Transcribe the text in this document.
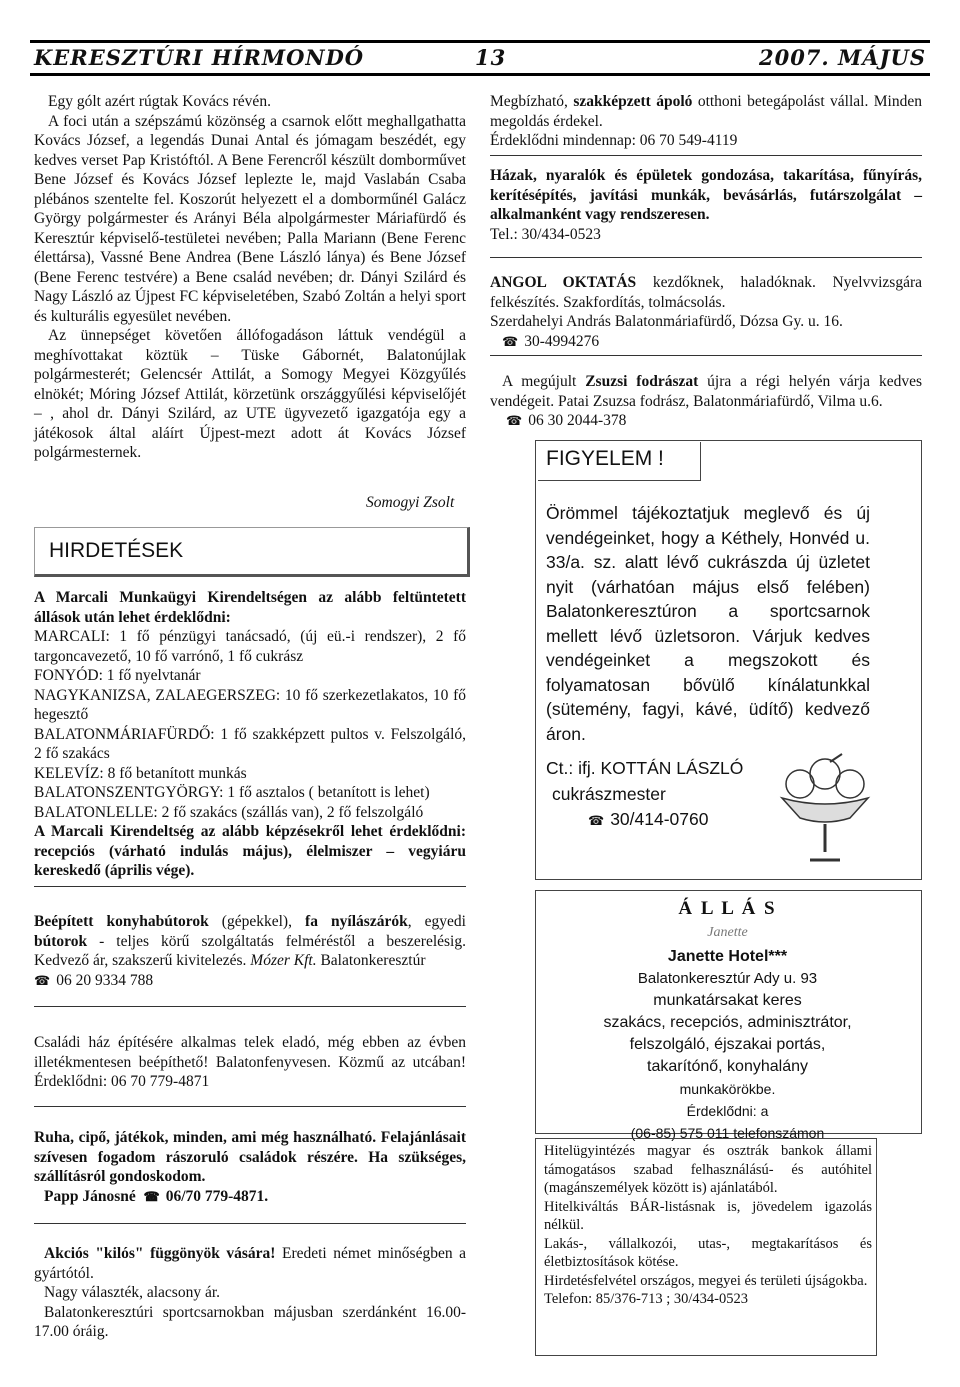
KERESZTÚRI HÍRMONDÓ	13	2007. MÁJUS

Egy gólt azért rúgtak Kovács révén.

A foci után a szépszámú közönség a csarnok előtt meghallgathatta Kovács József, a legendás Dunai Antal és jómagam beszédét, egy kedves verset Pap Kristóftól. A Bene Ferencről készült domborművet Bene József és Kovács József leplezte le, majd Vaslabán Csaba plébános szentelte fel. Koszorút helyezett el a domborműnél Galácz György polgármester és Arányi Béla alpolgármester Máriafürdő és Keresztúr képviselő-testületei nevében; Palla Mariann (Bene Ferenc élettársa), Vassné Bene Andrea (Bene László lánya) és Bene József (Bene Ferenc testvére) a Bene család nevében; dr. Dányi Szilárd és Nagy László az Újpest FC képviseletében, Szabó Zoltán a helyi sport és kulturális egyesület nevében.

Az ünnepséget követően állófogadáson láttuk vendégül a meghívottakat köztük – Tüske Gábornét, Balatonújlak polgármesterét; Gelencsér Attilát, a Somogy Megyei Közgyűlés elnökét; Móring József Attilát, körzetünk országgyűlési képviselőjét – , ahol dr. Dányi Szilárd, az UTE ügyvezető igazgatója egy a játékosok által aláírt Újpest-mezt adott át Kovács József polgármesternek.

Somogyi Zsolt
HIRDETÉSEK

A Marcali Munkaügyi Kirendeltségen az alább feltüntetett állások után lehet érdeklődni:

MARCALI: 1 fő pénzügyi tanácsadó, (új eü.-i rendszer), 2 fő targoncavezető, 10 fő varrónő, 1 fő cukrász

FONYÓD: 1 fő nyelvtanár

NAGYKANIZSA, ZALAEGERSZEG: 10 fő szerkezetlakatos, 10 fő hegesztő

BALATONMÁRIAFÜRDŐ: 1 fő szakképzett pultos v. Felszolgáló, 2 fő szakács

KELEVÍZ: 8 fő betanított munkás

BALATONSZENTGYÖRGY: 1 fő asztalos ( betanított is lehet)

BALATONLELLE: 2 fő szakács (szállás van), 2 fő felszolgáló

A Marcali Kirendeltség az alább képzésekről lehet érdeklődni: recepciós (várható indulás május), élelmiszer – vegyiáru kereskedő (április vége).

Beépített konyhabútorok (gépekkel), fa nyílászárók, egyedi bútorok - teljes körű szolgáltatás felméréstől a beszerelésig. Kedvező ár, szakszerű kivitelezés. Mózer Kft. Balatonkeresztúr

☎ 06 20 9334 788

Családi ház építésére alkalmas telek eladó, még ebben az évben illetékmentesen beépíthető! Balatonfenyvesen. Közmű az utcában! Érdeklődni: 06 70 779-4871

Ruha, cipő, játékok, minden, ami még használható. Felajánlásait szívesen fogadom rászoruló családok részére. Ha szükséges, szállításról gondoskodom.

Papp Jánosné ☎ 06/70 779-4871.

Akciós "kilós" függönyök vására! Eredeti német minőségben a gyártótól.

Nagy választék, alacsony ár.

Balatonkeresztúri sportcsarnokban májusban szerdánként 16.00-17.00 óráig.

Megbízható, szakképzett ápoló otthoni betegápolást vállal. Minden megoldás érdekel.

Érdeklődni mindennap: 06 70 549-4119

Házak, nyaralók és épületek gondozása, takarítása, fűnyírás, kerítésépítés, javítási munkák, bevásárlás, futárszolgálat – alkalmanként vagy rendszeresen.

Tel.: 30/434-0523

ANGOL OKTATÁS kezdőknek, haladóknak. Nyelvvizsgára felkészítés. Szakfordítás, tolmácsolás.

Szerdahelyi András Balatonmáriafürdő, Dózsa Gy. u. 16.

☎ 30-4994276

A megújult Zsuzsi fodrászat újra a régi helyén várja kedves vendégeit. Patai Zsuzsa fodrász, Balatonmáriafürdő, Vilma u.6.

☎ 06 30 2044-378

FIGYELEM !
Örömmel tájékoztatjuk meglevő és új vendégeinket, hogy a Kéthely, Honvéd u. 33/a. sz. alatt lévő cukrászda új üzletet nyit (várhatóan május első felében) Balatonkeresztúron a sportcsarnok mellett lévő üzletsoron. Várjuk kedves vendégeinket a megszokott és folyamatosan bővülő kínálatunkkal (sütemény, fagyi, kávé, üdítő) kedvező áron.
Ct.: ifj. KOTTÁN LÁSZLÓ
cukrászmester
☎ 30/414-0760
Á L L Á S
Janette
Janette Hotel***
Balatonkeresztúr Ady u. 93
munkatársakat keres
szakács, recepciós, adminisztrátor,
felszolgáló, éjszakai portás,
takarítónő, konyhalány
munkakörökbe.
Érdeklődni: a
(06-85) 575 011 telefonszámon

Hitelügyintézés magyar és osztrák bankok állami támogatásos szabad felhasználású- és autóhitel (magánszemélyek között is) ajánlatából.

Hitelkiváltás BÁR-listásnak is, jövedelem igazolás nélkül.

Lakás-, vállalkozói, utas-, megtakarításos és életbiztosítások kötése.

Hirdetésfelvétel országos, megyei és területi újságokba.

Telefon: 85/376-713 ; 30/434-0523
